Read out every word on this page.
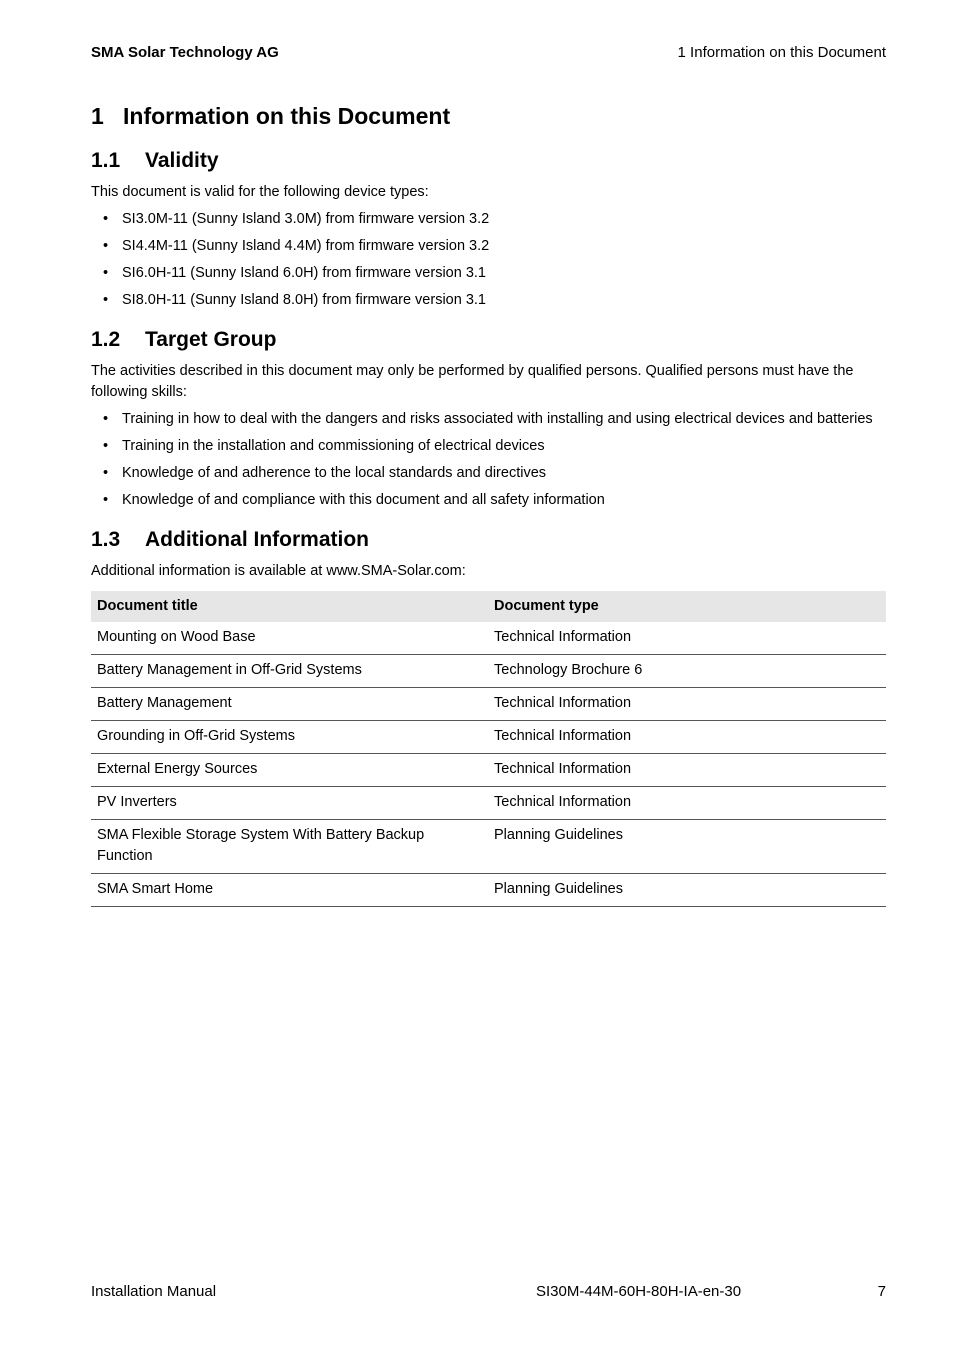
SMA Solar Technology AG	1 Information on this Document
1 Information on this Document
1.1 Validity

This document is valid for the following device types:

• SI3.0M-11 (Sunny Island 3.0M) from firmware version 3.2
• SI4.4M-11 (Sunny Island 4.4M) from firmware version 3.2
• SI6.0H-11 (Sunny Island 6.0H) from firmware version 3.1
• SI8.0H-11 (Sunny Island 8.0H) from firmware version 3.1
1.2 Target Group

The activities described in this document may only be performed by qualified persons. Qualified persons must have the following skills:

• Training in how to deal with the dangers and risks associated with installing and using electrical devices and batteries
• Training in the installation and commissioning of electrical devices
• Knowledge of and adherence to the local standards and directives
• Knowledge of and compliance with this document and all safety information
1.3 Additional Information

Additional information is available at www.SMA-Solar.com:

Document title	Document type
Mounting on Wood Base	Technical Information
Battery Management in Off-Grid Systems	Technology Brochure 6
Battery Management	Technical Information
Grounding in Off-Grid Systems	Technical Information
External Energy Sources	Technical Information
PV Inverters	Technical Information
SMA Flexible Storage System With Battery Backup Function	Planning Guidelines
SMA Smart Home	Planning Guidelines
Installation Manual	SI30M-44M-60H-80H-IA-en-30	7
